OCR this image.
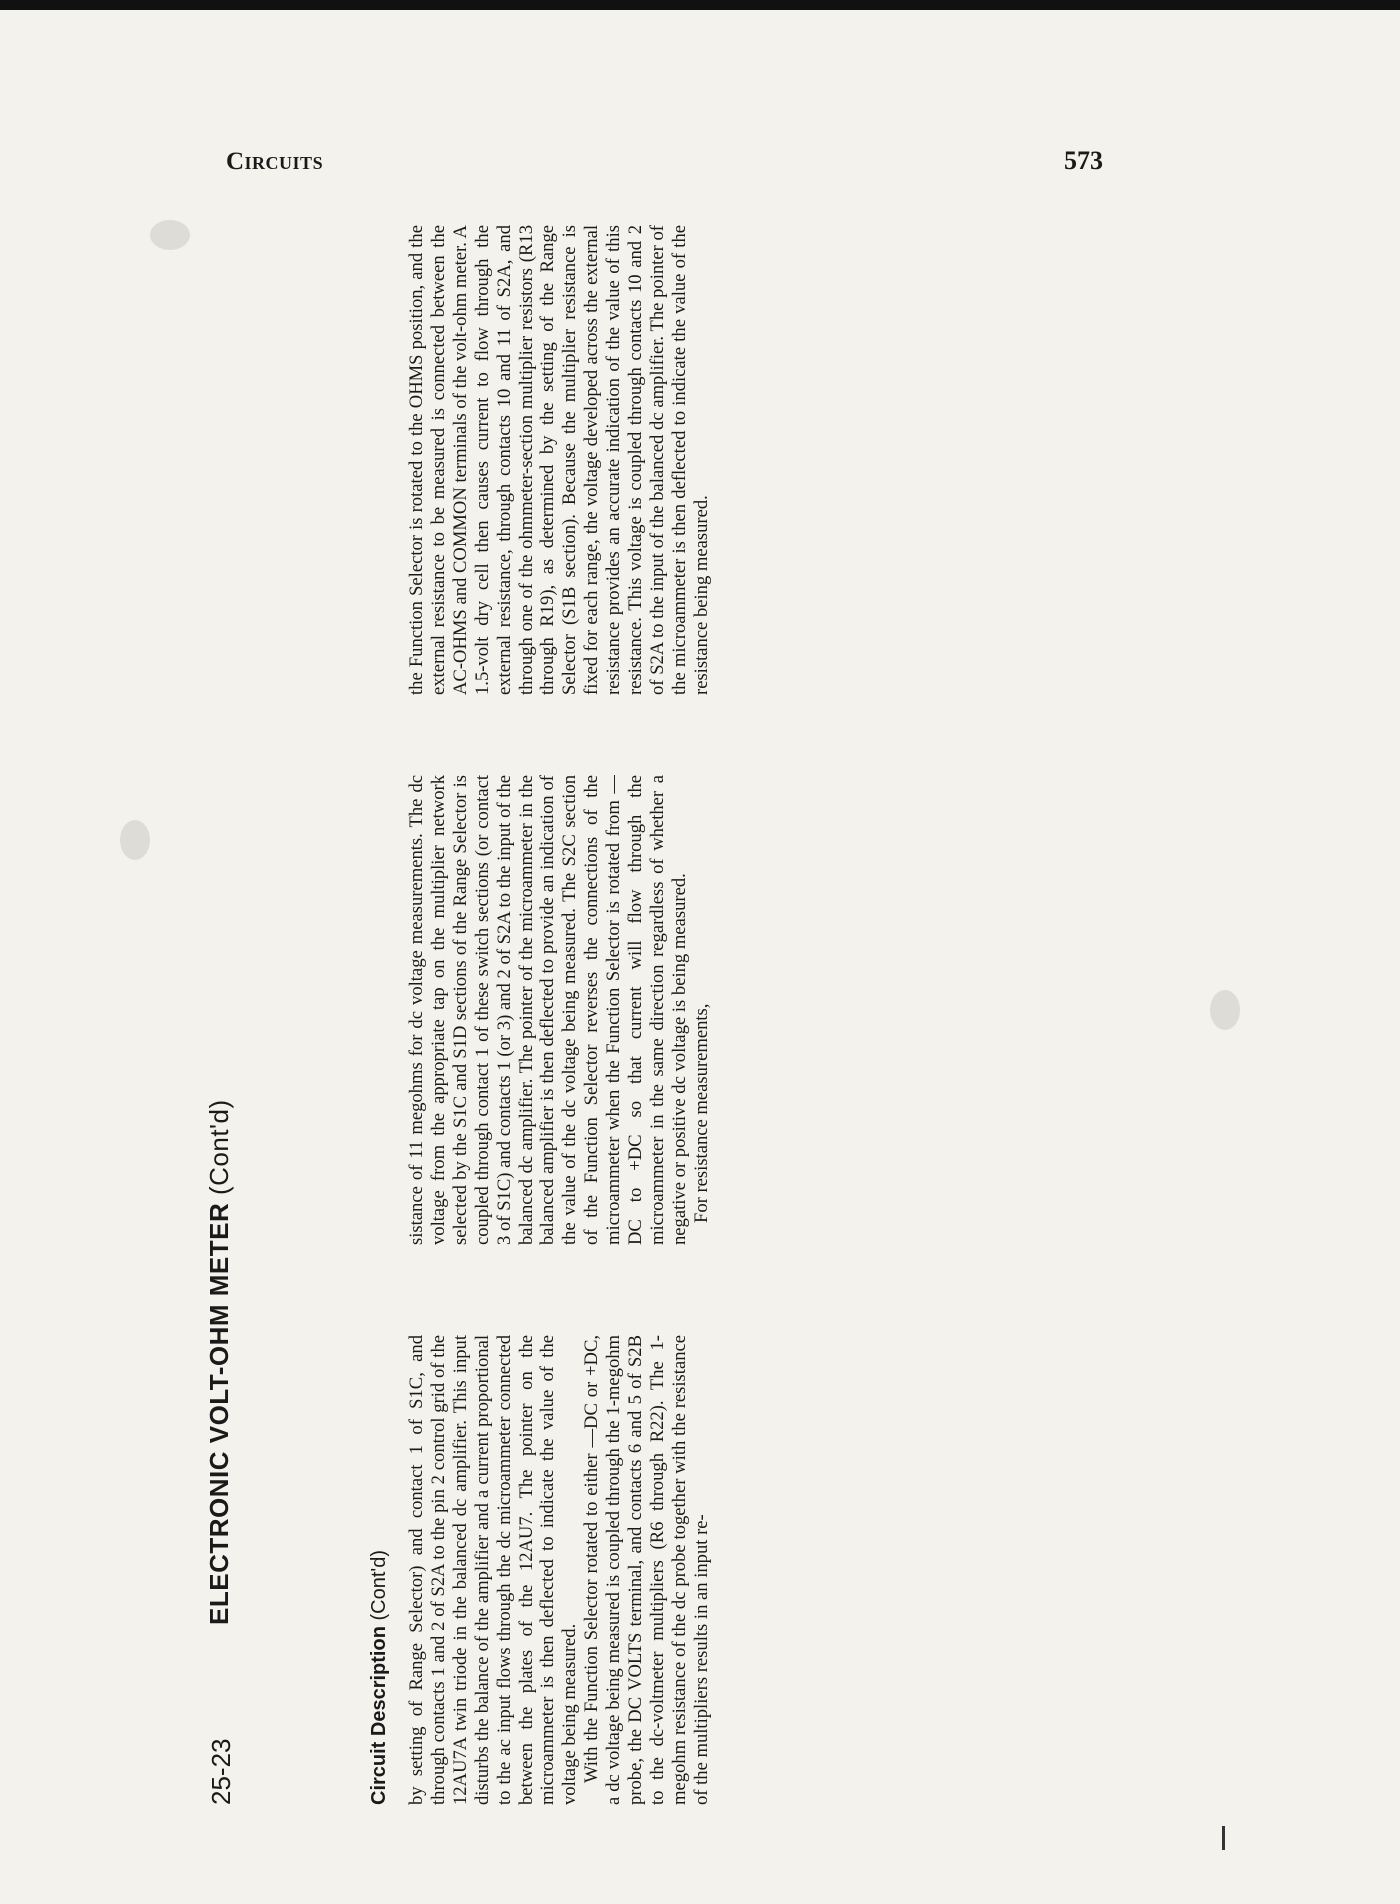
Circuits	573
25-23
ELECTRONIC VOLT-OHM METER (Cont'd)
Circuit Description (Cont'd) by setting of Range Selector) and contact 1 of S1C, and through contacts 1 and 2 of S2A to the pin 2 control grid of the 12AU7A twin triode in the balanced dc amplifier. This input disturbs the balance of the amplifier and a current proportional to the ac input flows through the dc microammeter connected between the plates of the 12AU7. The pointer on the microammeter is then deflected to indicate the value of the voltage being measured. With the Function Selector rotated to either —DC or +DC, a dc voltage being measured is coupled through the 1-megohm probe, the DC VOLTS terminal, and contacts 6 and 5 of S2B to the dc-voltmeter multipliers (R6 through R22). The 1-megohm resistance of the dc probe together with the resistance of the multipliers results in an input re-

sistance of 11 megohms for dc voltage measurements. The dc voltage from the appropriate tap on the multiplier network selected by the S1C and S1D sections of the Range Selector is coupled through contact 1 of these switch sections (or contact 3 of S1C) and contacts 1 (or 3) and 2 of S2A to the input of the balanced dc amplifier. The pointer of the microammeter in the balanced amplifier is then deflected to provide an indication of the value of the dc voltage being measured. The S2C section of the Function Selector reverses the connections of the microammeter when the Function Selector is rotated from —DC to +DC so that current will flow through the microammeter in the same direction regardless of whether a negative or positive dc voltage is being measured. For resistance measurements,

the Function Selector is rotated to the OHMS position, and the external resistance to be measured is connected between the AC-OHMS and COMMON terminals of the volt-ohm meter. A 1.5-volt dry cell then causes current to flow through the external resistance, through contacts 10 and 11 of S2A, and through one of the ohmmeter-section multiplier resistors (R13 through R19), as determined by the setting of the Range Selector (S1B section). Because the multiplier resistance is fixed for each range, the voltage developed across the external resistance provides an accurate indication of the value of this resistance. This voltage is coupled through contacts 10 and 2 of S2A to the input of the balanced dc amplifier. The pointer of the microammeter is then deflected to indicate the value of the resistance being measured.
